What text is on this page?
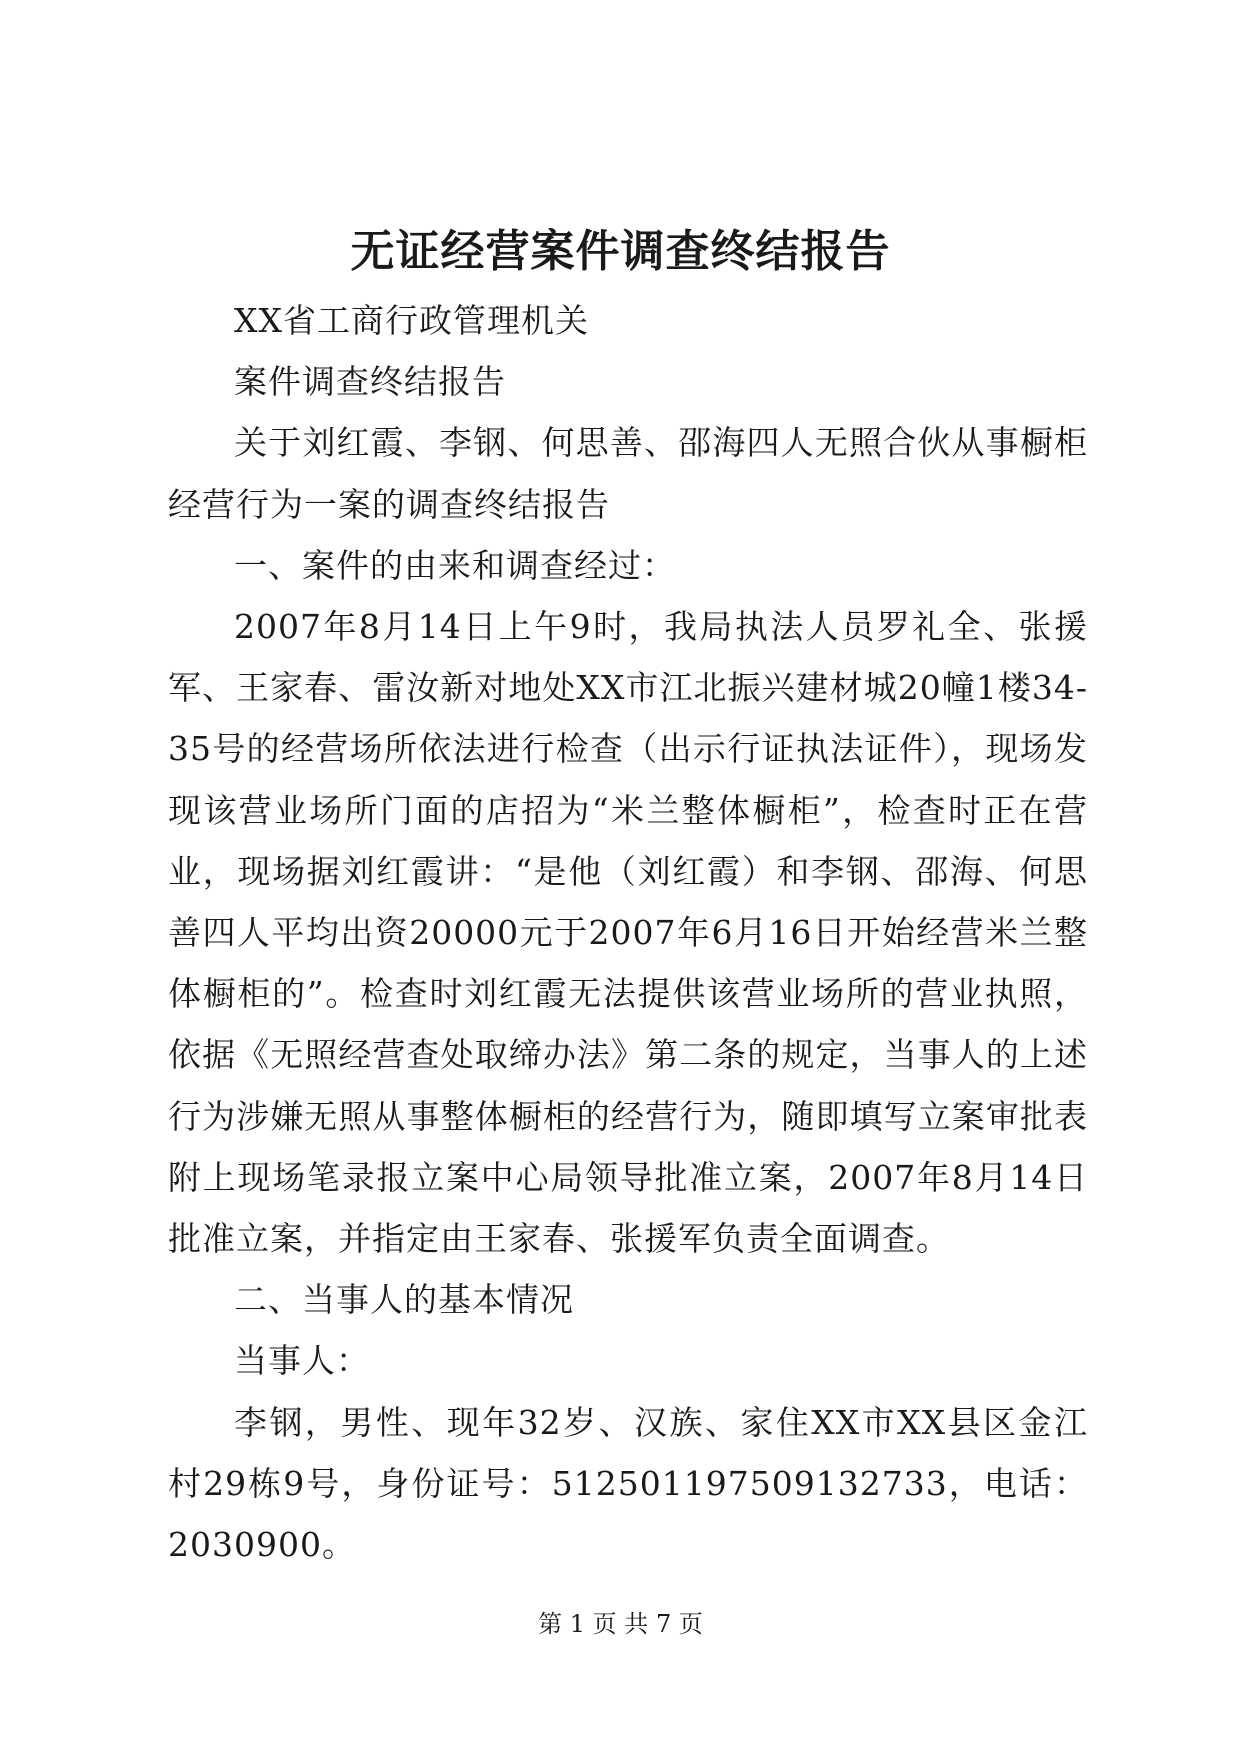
无证经营案件调查终结报告

XX省工商行政管理机关

案件调查终结报告

关于刘红霞、李钢、何思善、邵海四人无照合伙从事橱柜经营行为一案的调查终结报告

一、案件的由来和调查经过：

2007年8月14日上午9时，我局执法人员罗礼全、张援军、王家春、雷汝新对地处XX市江北振兴建材城20幢1楼34-35号的经营场所依法进行检查（出示行证执法证件），现场发现该营业场所门面的店招为“米兰整体橱柜”，检查时正在营业，现场据刘红霞讲：“是他（刘红霞）和李钢、邵海、何思善四人平均出资20000元于2007年6月16日开始经营米兰整体橱柜的”。检查时刘红霞无法提供该营业场所的营业执照，依据《无照经营查处取缔办法》第二条的规定，当事人的上述行为涉嫌无照从事整体橱柜的经营行为，随即填写立案审批表附上现场笔录报立案中心局领导批准立案，2007年8月14日批准立案，并指定由王家春、张援军负责全面调查。

二、当事人的基本情况

当事人：

李钢，男性、现年32岁、汉族、家住XX市XX县区金江村29栋9号，身份证号：512501197509132733，电话：2030900。

第 1 页 共 7 页
